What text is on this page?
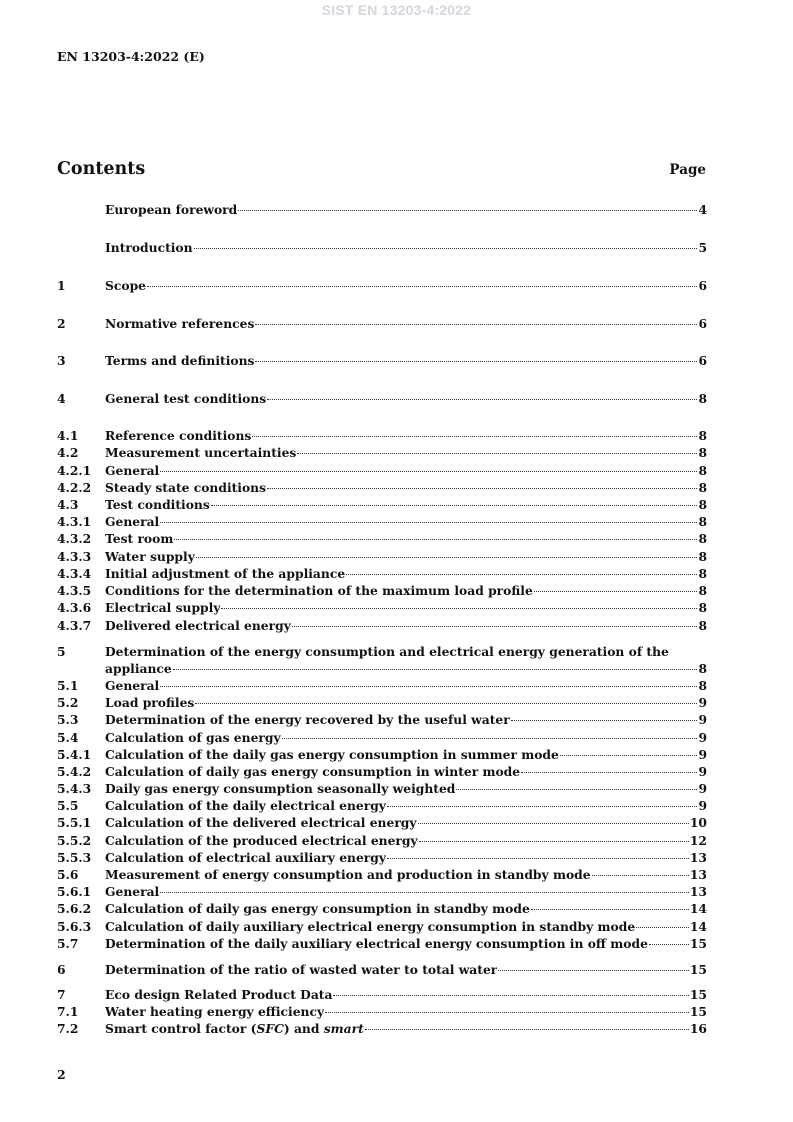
SIST EN 13203-4:2022
EN 13203-4:2022 (E)
Contents	Page
European foreword	4
Introduction	5
1	Scope	6
2	Normative references	6
3	Terms and definitions	6
4	General test conditions	8
4.1	Reference conditions	8
4.2	Measurement uncertainties	8
4.2.1	General	8
4.2.2	Steady state conditions	8
4.3	Test conditions	8
4.3.1	General	8
4.3.2	Test room	8
4.3.3	Water supply	8
4.3.4	Initial adjustment of the appliance	8
4.3.5	Conditions for the determination of the maximum load profile	8
4.3.6	Electrical supply	8
4.3.7	Delivered electrical energy	8
5	Determination of the energy consumption and electrical energy generation of the
appliance	8
5.1	General	8
5.2	Load profiles	9
5.3	Determination of the energy recovered by the useful water	9
5.4	Calculation of gas energy	9
5.4.1	Calculation of the daily gas energy consumption in summer mode	9
5.4.2	Calculation of daily gas energy consumption in winter mode	9
5.4.3	Daily gas energy consumption seasonally weighted	9
5.5	Calculation of the daily electrical energy	9
5.5.1	Calculation of the delivered electrical energy	10
5.5.2	Calculation of the produced electrical energy	12
5.5.3	Calculation of electrical auxiliary energy	13
5.6	Measurement of energy consumption and production in standby mode	13
5.6.1	General	13
5.6.2	Calculation of daily gas energy consumption in standby mode	14
5.6.3	Calculation of daily auxiliary electrical energy consumption in standby mode	14
5.7	Determination of the daily auxiliary electrical energy consumption in off mode	15
6	Determination of the ratio of wasted water to total water	15
7	Eco design Related Product Data	15
7.1	Water heating energy efficiency	15
7.2	Smart control factor (SFC) and smart	16
2
